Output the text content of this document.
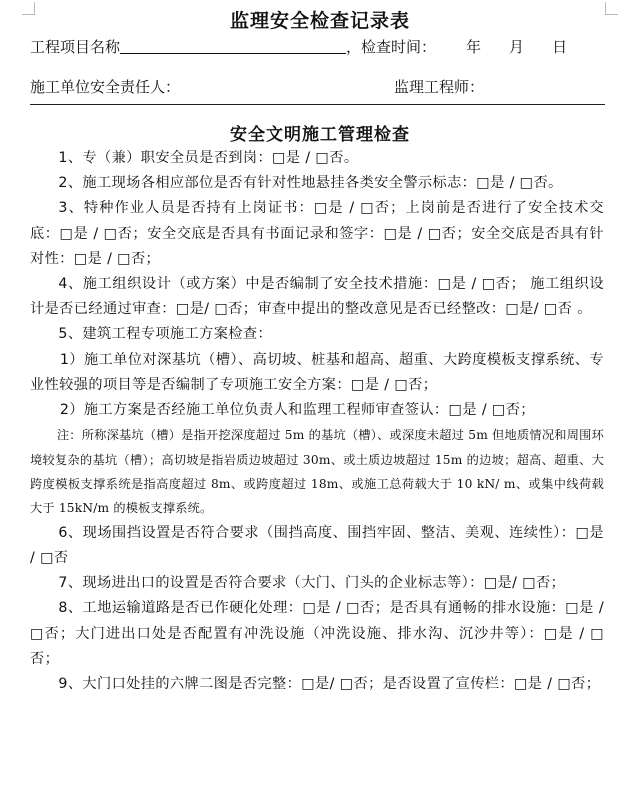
监理安全检查记录表
工程项目名称	，检查时间： 年 月 日
施工单位安全责任人：	监理工程师：
安全文明施工管理检查

1、专（兼）职安全员是否到岗：□是 / □否。

2、施工现场各相应部位是否有针对性地悬挂各类安全警示标志：□是 / □否。

3、特种作业人员是否持有上岗证书：□是 / □否；上岗前是否进行了安全技术交底：□是 / □否；安全交底是否具有书面记录和签字：□是 / □否；安全交底是否具有针对性：□是 / □否；

4、施工组织设计（或方案）中是否编制了安全技术措施：□是 / □否； 施工组织设计是否已经通过审查：□是/ □否；审查中提出的整改意见是否已经整改：□是/ □否 。

5、建筑工程专项施工方案检查：

1）施工单位对深基坑（槽）、高切坡、桩基和超高、超重、大跨度模板支撑系统、专业性较强的项目等是否编制了专项施工安全方案：□是 / □否；

2）施工方案是否经施工单位负责人和监理工程师审查签认：□是 / □否；

注：所称深基坑（槽）是指开挖深度超过 5m 的基坑（槽）、或深度未超过 5m 但地质情况和周围环境较复杂的基坑（槽）；高切坡是指岩质边坡超过 30m、或土质边坡超过 15m 的边坡；超高、超重、大跨度模板支撑系统是指高度超过 8m、或跨度超过 18m、或施工总荷载大于 10 kN/ m、或集中线荷载大于 15kN/m 的模板支撑系统。

6、现场围挡设置是否符合要求（围挡高度、围挡牢固、整洁、美观、连续性）：□是 / □否

7、现场进出口的设置是否符合要求（大门、门头的企业标志等）：□是/ □否；

8、工地运输道路是否已作硬化处理：□是 / □否；是否具有通畅的排水设施：□是 / □否；大门进出口处是否配置有冲洗设施（冲洗设施、排水沟、沉沙井等）：□是 / □否；

9、大门口处挂的六牌二图是否完整：□是/ □否；是否设置了宣传栏：□是 / □否；
